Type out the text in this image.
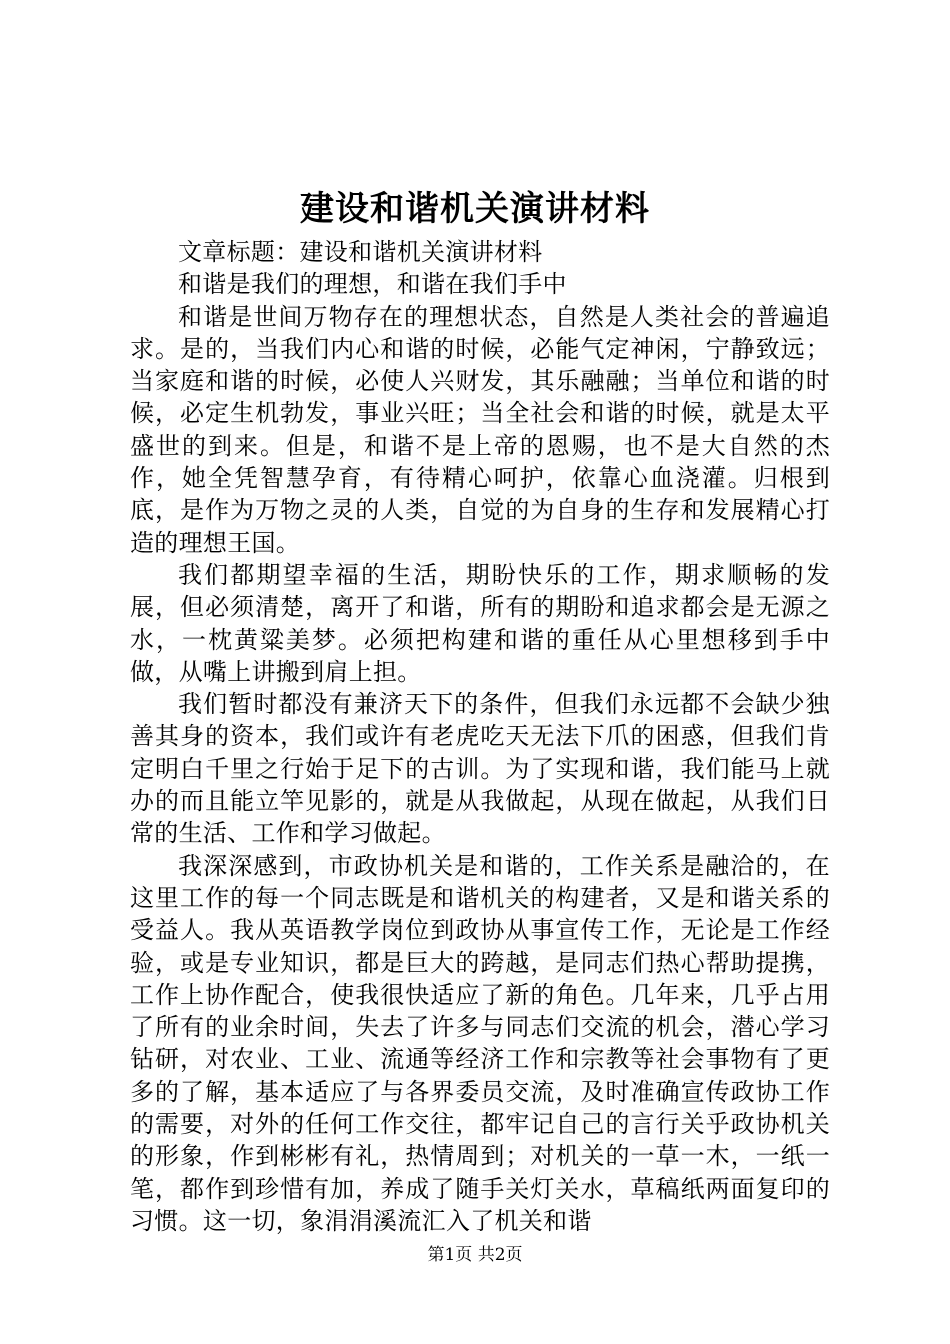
建设和谐机关演讲材料

文章标题：建设和谐机关演讲材料

和谐是我们的理想，和谐在我们手中

和谐是世间万物存在的理想状态，自然是人类社会的普遍追求。是的，当我们内心和谐的时候，必能气定神闲，宁静致远；当家庭和谐的时候，必使人兴财发，其乐融融；当单位和谐的时候，必定生机勃发，事业兴旺；当全社会和谐的时候，就是太平盛世的到来。但是，和谐不是上帝的恩赐，也不是大自然的杰作，她全凭智慧孕育，有待精心呵护，依靠心血浇灌。归根到底，是作为万物之灵的人类，自觉的为自身的生存和发展精心打造的理想王国。

我们都期望幸福的生活，期盼快乐的工作，期求顺畅的发展，但必须清楚，离开了和谐，所有的期盼和追求都会是无源之水，一枕黄粱美梦。必须把构建和谐的重任从心里想移到手中做，从嘴上讲搬到肩上担。

我们暂时都没有兼济天下的条件，但我们永远都不会缺少独善其身的资本，我们或许有老虎吃天无法下爪的困惑，但我们肯定明白千里之行始于足下的古训。为了实现和谐，我们能马上就办的而且能立竿见影的，就是从我做起，从现在做起，从我们日常的生活、工作和学习做起。

我深深感到，市政协机关是和谐的，工作关系是融洽的，在这里工作的每一个同志既是和谐机关的构建者，又是和谐关系的受益人。我从英语教学岗位到政协从事宣传工作，无论是工作经验，或是专业知识，都是巨大的跨越，是同志们热心帮助提携，工作上协作配合，使我很快适应了新的角色。几年来，几乎占用了所有的业余时间，失去了许多与同志们交流的机会，潜心学习钻研，对农业、工业、流通等经济工作和宗教等社会事物有了更多的了解，基本适应了与各界委员交流，及时准确宣传政协工作的需要，对外的任何工作交往，都牢记自己的言行关乎政协机关的形象，作到彬彬有礼，热情周到；对机关的一草一木，一纸一笔，都作到珍惜有加，养成了随手关灯关水，草稿纸两面复印的习惯。这一切，象涓涓溪流汇入了机关和谐

第1页 共2页
